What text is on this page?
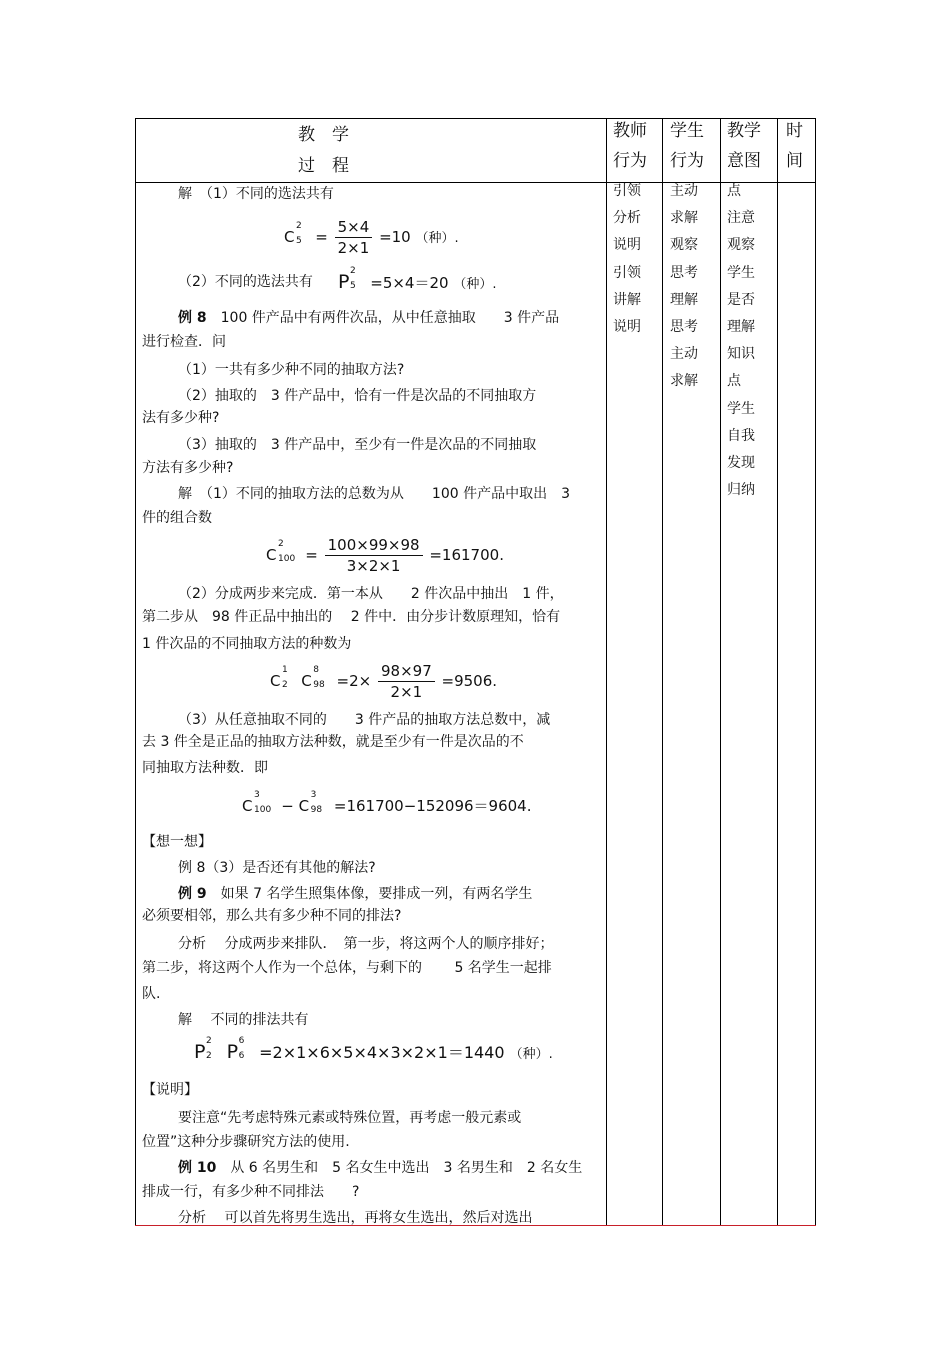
教　学
过　程
教师
行为
学生
行为
教学
意图
时
间
引领
分析
说明
引领
讲解
说明
主动
求解
观察
思考
理解
思考
主动
求解
点
注意
观察
学生
是否
理解
知识
点
学生
自我
发现
归纳
解　（1）不同的选法共有
C
2
$5 = \frac{5\times 4}{2\times 1} =10$ （种）.
（2）不同的选法共有 P 2
5 =5×4＝20 （种）.
例 8　100 件产品中有两件次品，从中任意抽取　　3 件产品
进行检查．问
（1）一共有多少种不同的抽取方法?
（2）抽取的　3 件产品中，恰有一件是次品的不同抽取方
法有多少种?
（3）抽取的　3 件产品中，至少有一件是次品的不同抽取
方法有多少种?
解　（1）不同的抽取方法的总数为从　　100 件产品中取出　3
件的组合数
C
2
$100 = \frac{100\times 99\times 98}{3\times 2\times 1} =161700$.
（2）分成两步来完成．第一本从　　2 件次品中抽出　1 件，
第二步从　98 件正品中抽出的　 2 件中．由分步计数原理知，恰有
1 件次品的不同抽取方法的种数为
C
1
2 C
8
$98 =2\times \frac{98\times 97}{2\times 1} =9506$.
（3）从任意抽取不同的　　3 件产品的抽取方法总数中，减
去 3 件全是正品的抽取方法种数，就是至少有一件是次品的不
同抽取方法种数．即
C
3
100 − C
3
98 =161700−152096＝9604.
【想一想】
例 8（3）是否还有其他的解法?
例 9　如果 7 名学生照集体像，要排成一列，有两名学生
必须要相邻，那么共有多少种不同的排法?
分析　 分成两步来排队．　第一步，将这两个人的顺序排好；
第二步，将这两个人作为一个总体，与剩下的　　 5 名学生一起排
队.
解　 不同的排法共有
P 2
2 P 6
6 =2×1×6×5×4×3×2×1＝1440 （种）.
【说明】
要注意“先考虑特殊元素或特殊位置，再考虑一般元素或
位置”这种分步骤研究方法的使用.
例 10　从 6 名男生和　5 名女生中选出　3 名男生和　2 名女生
排成一行，有多少种不同排法　　?
分析　 可以首先将男生选出，再将女生选出，然后对选出
